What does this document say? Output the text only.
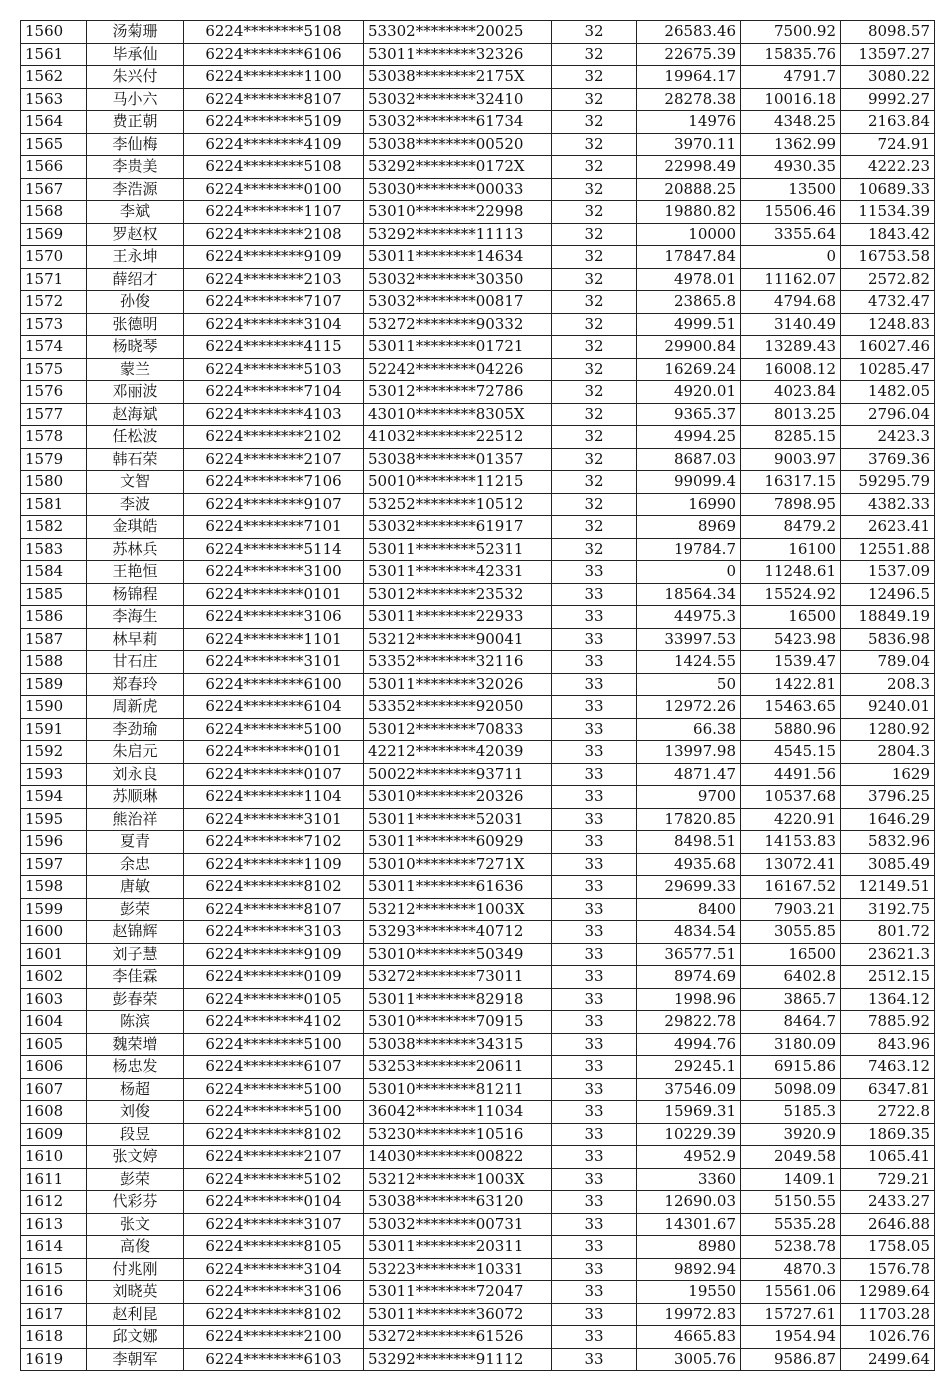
1560	汤菊珊	6224********5108	53302********20025	32	26583.46	7500.92	8098.57
1561	毕承仙	6224********6106	53011********32326	32	22675.39	15835.76	13597.27
1562	朱兴付	6224********1100	53038********2175X	32	19964.17	4791.7	3080.22
1563	马小六	6224********8107	53032********32410	32	28278.38	10016.18	9992.27
1564	费正朝	6224********5109	53032********61734	32	14976	4348.25	2163.84
1565	李仙梅	6224********4109	53038********00520	32	3970.11	1362.99	724.91
1566	李贵美	6224********5108	53292********0172X	32	22998.49	4930.35	4222.23
1567	李浩源	6224********0100	53030********00033	32	20888.25	13500	10689.33
1568	李斌	6224********1107	53010********22998	32	19880.82	15506.46	11534.39
1569	罗赵权	6224********2108	53292********11113	32	10000	3355.64	1843.42
1570	王永坤	6224********9109	53011********14634	32	17847.84	0	16753.58
1571	薛绍才	6224********2103	53032********30350	32	4978.01	11162.07	2572.82
1572	孙俊	6224********7107	53032********00817	32	23865.8	4794.68	4732.47
1573	张德明	6224********3104	53272********90332	32	4999.51	3140.49	1248.83
1574	杨晓琴	6224********4115	53011********01721	32	29900.84	13289.43	16027.46
1575	蒙兰	6224********5103	52242********04226	32	16269.24	16008.12	10285.47
1576	邓丽波	6224********7104	53012********72786	32	4920.01	4023.84	1482.05
1577	赵海斌	6224********4103	43010********8305X	32	9365.37	8013.25	2796.04
1578	任松波	6224********2102	41032********22512	32	4994.25	8285.15	2423.3
1579	韩石荣	6224********2107	53038********01357	32	8687.03	9003.97	3769.36
1580	文智	6224********7106	50010********11215	32	99099.4	16317.15	59295.79
1581	李波	6224********9107	53252********10512	32	16990	7898.95	4382.33
1582	金琪皓	6224********7101	53032********61917	32	8969	8479.2	2623.41
1583	苏林兵	6224********5114	53011********52311	32	19784.7	16100	12551.88
1584	王艳恒	6224********3100	53011********42331	33	0	11248.61	1537.09
1585	杨锦程	6224********0101	53012********23532	33	18564.34	15524.92	12496.5
1586	李海生	6224********3106	53011********22933	33	44975.3	16500	18849.19
1587	林早莉	6224********1101	53212********90041	33	33997.53	5423.98	5836.98
1588	甘石庄	6224********3101	53352********32116	33	1424.55	1539.47	789.04
1589	郑春玲	6224********6100	53011********32026	33	50	1422.81	208.3
1590	周新虎	6224********6104	53352********92050	33	12972.26	15463.65	9240.01
1591	李劲瑜	6224********5100	53012********70833	33	66.38	5880.96	1280.92
1592	朱启元	6224********0101	42212********42039	33	13997.98	4545.15	2804.3
1593	刘永良	6224********0107	50022********93711	33	4871.47	4491.56	1629
1594	苏顺琳	6224********1104	53010********20326	33	9700	10537.68	3796.25
1595	熊治祥	6224********3101	53011********52031	33	17820.85	4220.91	1646.29
1596	夏青	6224********7102	53011********60929	33	8498.51	14153.83	5832.96
1597	余忠	6224********1109	53010********7271X	33	4935.68	13072.41	3085.49
1598	唐敏	6224********8102	53011********61636	33	29699.33	16167.52	12149.51
1599	彭荣	6224********8107	53212********1003X	33	8400	7903.21	3192.75
1600	赵锦辉	6224********3103	53293********40712	33	4834.54	3055.85	801.72
1601	刘子慧	6224********9109	53010********50349	33	36577.51	16500	23621.3
1602	李佳霖	6224********0109	53272********73011	33	8974.69	6402.8	2512.15
1603	彭春荣	6224********0105	53011********82918	33	1998.96	3865.7	1364.12
1604	陈滨	6224********4102	53010********70915	33	29822.78	8464.7	7885.92
1605	魏荣增	6224********5100	53038********34315	33	4994.76	3180.09	843.96
1606	杨忠发	6224********6107	53253********20611	33	29245.1	6915.86	7463.12
1607	杨超	6224********5100	53010********81211	33	37546.09	5098.09	6347.81
1608	刘俊	6224********5100	36042********11034	33	15969.31	5185.3	2722.8
1609	段昱	6224********8102	53230********10516	33	10229.39	3920.9	1869.35
1610	张文婷	6224********2107	14030********00822	33	4952.9	2049.58	1065.41
1611	彭荣	6224********5102	53212********1003X	33	3360	1409.1	729.21
1612	代彩芬	6224********0104	53038********63120	33	12690.03	5150.55	2433.27
1613	张文	6224********3107	53032********00731	33	14301.67	5535.28	2646.88
1614	高俊	6224********8105	53011********20311	33	8980	5238.78	1758.05
1615	付兆刚	6224********3104	53223********10331	33	9892.94	4870.3	1576.78
1616	刘晓英	6224********3106	53011********72047	33	19550	15561.06	12989.64
1617	赵利昆	6224********8102	53011********36072	33	19972.83	15727.61	11703.28
1618	邱文娜	6224********2100	53272********61526	33	4665.83	1954.94	1026.76
1619	李朝军	6224********6103	53292********91112	33	3005.76	9586.87	2499.64
